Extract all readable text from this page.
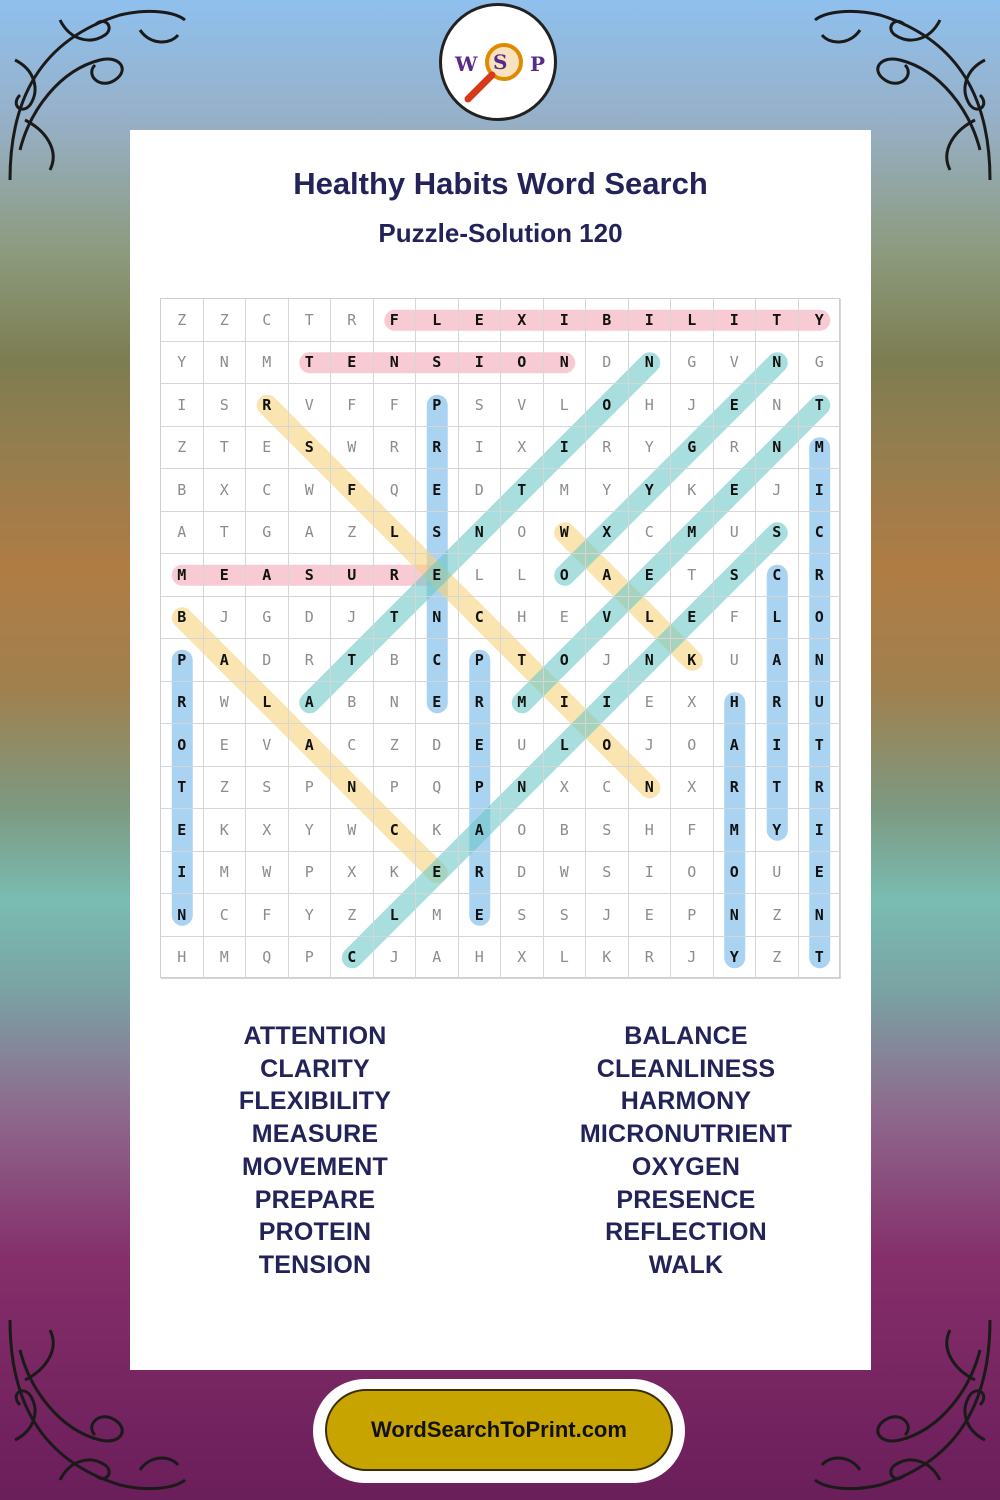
W S P
Healthy Habits Word Search
Puzzle-Solution 120
Z	Z	C	T	R	F	L	E	X	I	B	I	L	I	T	Y
Y	N	M	T	E	N	S	I	O	N	D	N	G	V	N	G
I	S	R	V	F	F	P	S	V	L	O	H	J	E	N	T
Z	T	E	S	W	R	R	I	X	I	R	Y	G	R	N	M
B	X	C	W	F	Q	E	D	T	M	Y	Y	K	E	J	I
A	T	G	A	Z	L	S	N	O	W	X	C	M	U	S	C
M	E	A	S	U	R	E	L	L	O	A	E	T	S	C	R
B	J	G	D	J	T	N	C	H	E	V	L	E	F	L	O
P	A	D	R	T	B	C	P	T	O	J	N	K	U	A	N
R	W	L	A	B	N	E	R	M	I	I	E	X	H	R	U
O	E	V	A	C	Z	D	E	U	L	O	J	O	A	I	T
T	Z	S	P	N	P	Q	P	N	X	C	N	X	R	T	R
E	K	X	Y	W	C	K	A	O	B	S	H	F	M	Y	I
I	M	W	P	X	K	E	R	D	W	S	I	O	O	U	E
N	C	F	Y	Z	L	M	E	S	S	J	E	P	N	Z	N
H	M	Q	P	C	J	A	H	X	L	K	R	J	Y	Z	T
ATTENTION
CLARITY
FLEXIBILITY
MEASURE
MOVEMENT
PREPARE
PROTEIN
TENSION
BALANCE
CLEANLINESS
HARMONY
MICRONUTRIENT
OXYGEN
PRESENCE
REFLECTION
WALK
WordSearchToPrint.com
